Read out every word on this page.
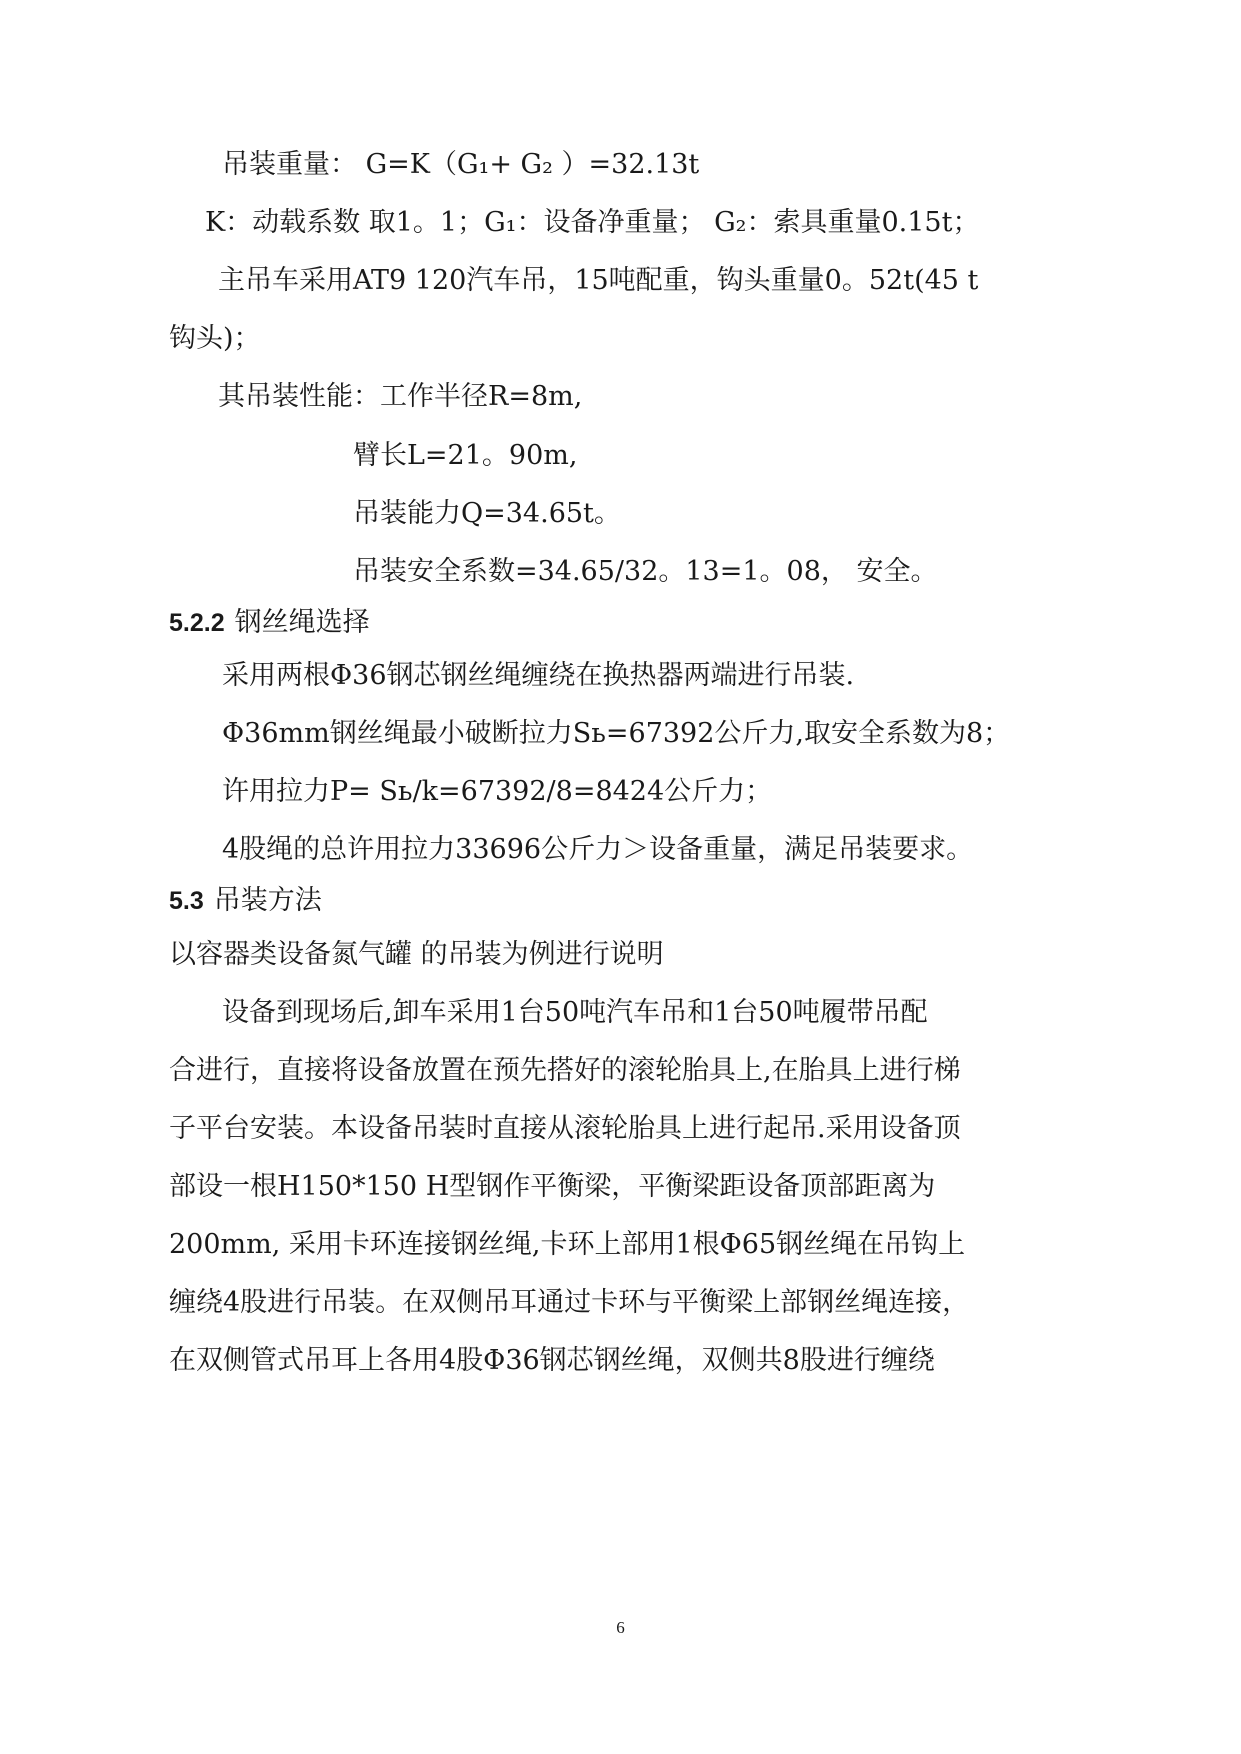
吊装重量： G=K（G₁+ G₂ ）=32.13t
K：动载系数 取1。1；G₁：设备净重量； G₂：索具重量0.15t；
主吊车采用AT9 120汽车吊，15吨配重，钩头重量0。52t(45 t
钩头)；
其吊装性能：工作半径R=8m,
臂长L=21。90m,
吊装能力Q=34.65t。
吊装安全系数=34.65/32。13=1。08， 安全。
5.2.2 钢丝绳选择
采用两根Φ36钢芯钢丝绳缠绕在换热器两端进行吊装.
Φ36mm钢丝绳最小破断拉力Sь=67392公斤力,取安全系数为8；
许用拉力P= Sь/k=67392/8=8424公斤力；
4股绳的总许用拉力33696公斤力＞设备重量，满足吊装要求。
5.3 吊装方法
以容器类设备氮气罐 的吊装为例进行说明
设备到现场后,卸车采用1台50吨汽车吊和1台50吨履带吊配
合进行，直接将设备放置在预先搭好的滚轮胎具上,在胎具上进行梯
子平台安装。本设备吊装时直接从滚轮胎具上进行起吊.采用设备顶
部设一根H150*150 H型钢作平衡梁，平衡梁距设备顶部距离为
200mm, 采用卡环连接钢丝绳,卡环上部用1根Φ65钢丝绳在吊钩上
缠绕4股进行吊装。在双侧吊耳通过卡环与平衡梁上部钢丝绳连接，
在双侧管式吊耳上各用4股Φ36钢芯钢丝绳，双侧共8股进行缠绕
6
